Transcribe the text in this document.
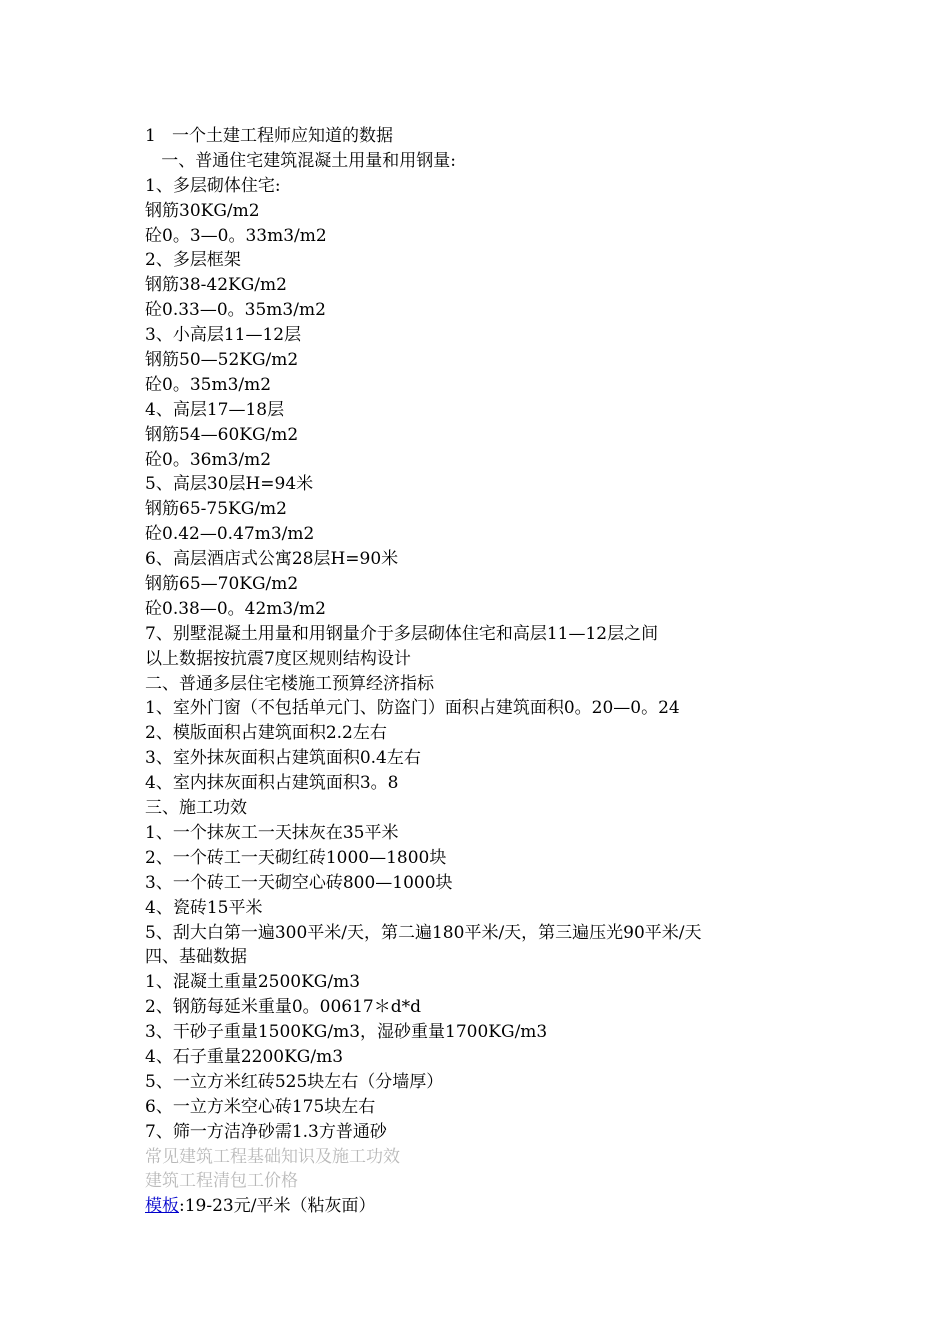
1   一个土建工程师应知道的数据
一、普通住宅建筑混凝土用量和用钢量:
1、多层砌体住宅:
钢筋30KG/m2
砼0。3—0。33m3/m2
2、多层框架
钢筋38-42KG/m2
砼0.33—0。35m3/m2
3、小高层11—12层
钢筋50—52KG/m2
砼0。35m3/m2
4、高层17—18层
钢筋54—60KG/m2
砼0。36m3/m2
5、高层30层H=94米
钢筋65-75KG/m2
砼0.42—0.47m3/m2
6、高层酒店式公寓28层H=90米
钢筋65—70KG/m2
砼0.38—0。42m3/m2
7、别墅混凝土用量和用钢量介于多层砌体住宅和高层11—12层之间
以上数据按抗震7度区规则结构设计
二、普通多层住宅楼施工预算经济指标
1、室外门窗（不包括单元门、防盗门）面积占建筑面积0。20—0。24
2、模版面积占建筑面积2.2左右
3、室外抹灰面积占建筑面积0.4左右
4、室内抹灰面积占建筑面积3。8
三、施工功效
1、一个抹灰工一天抹灰在35平米
2、一个砖工一天砌红砖1000—1800块
3、一个砖工一天砌空心砖800—1000块
4、瓷砖15平米
5、刮大白第一遍300平米/天，第二遍180平米/天，第三遍压光90平米/天
四、基础数据
1、混凝土重量2500KG/m3
2、钢筋每延米重量0。00617＊d*d
3、干砂子重量1500KG/m3，湿砂重量1700KG/m3
4、石子重量2200KG/m3
5、一立方米红砖525块左右（分墙厚）
6、一立方米空心砖175块左右
7、筛一方洁净砂需1.3方普通砂
常见建筑工程基础知识及施工功效
建筑工程清包工价格
模板:19-23元/平米（粘灰面）
